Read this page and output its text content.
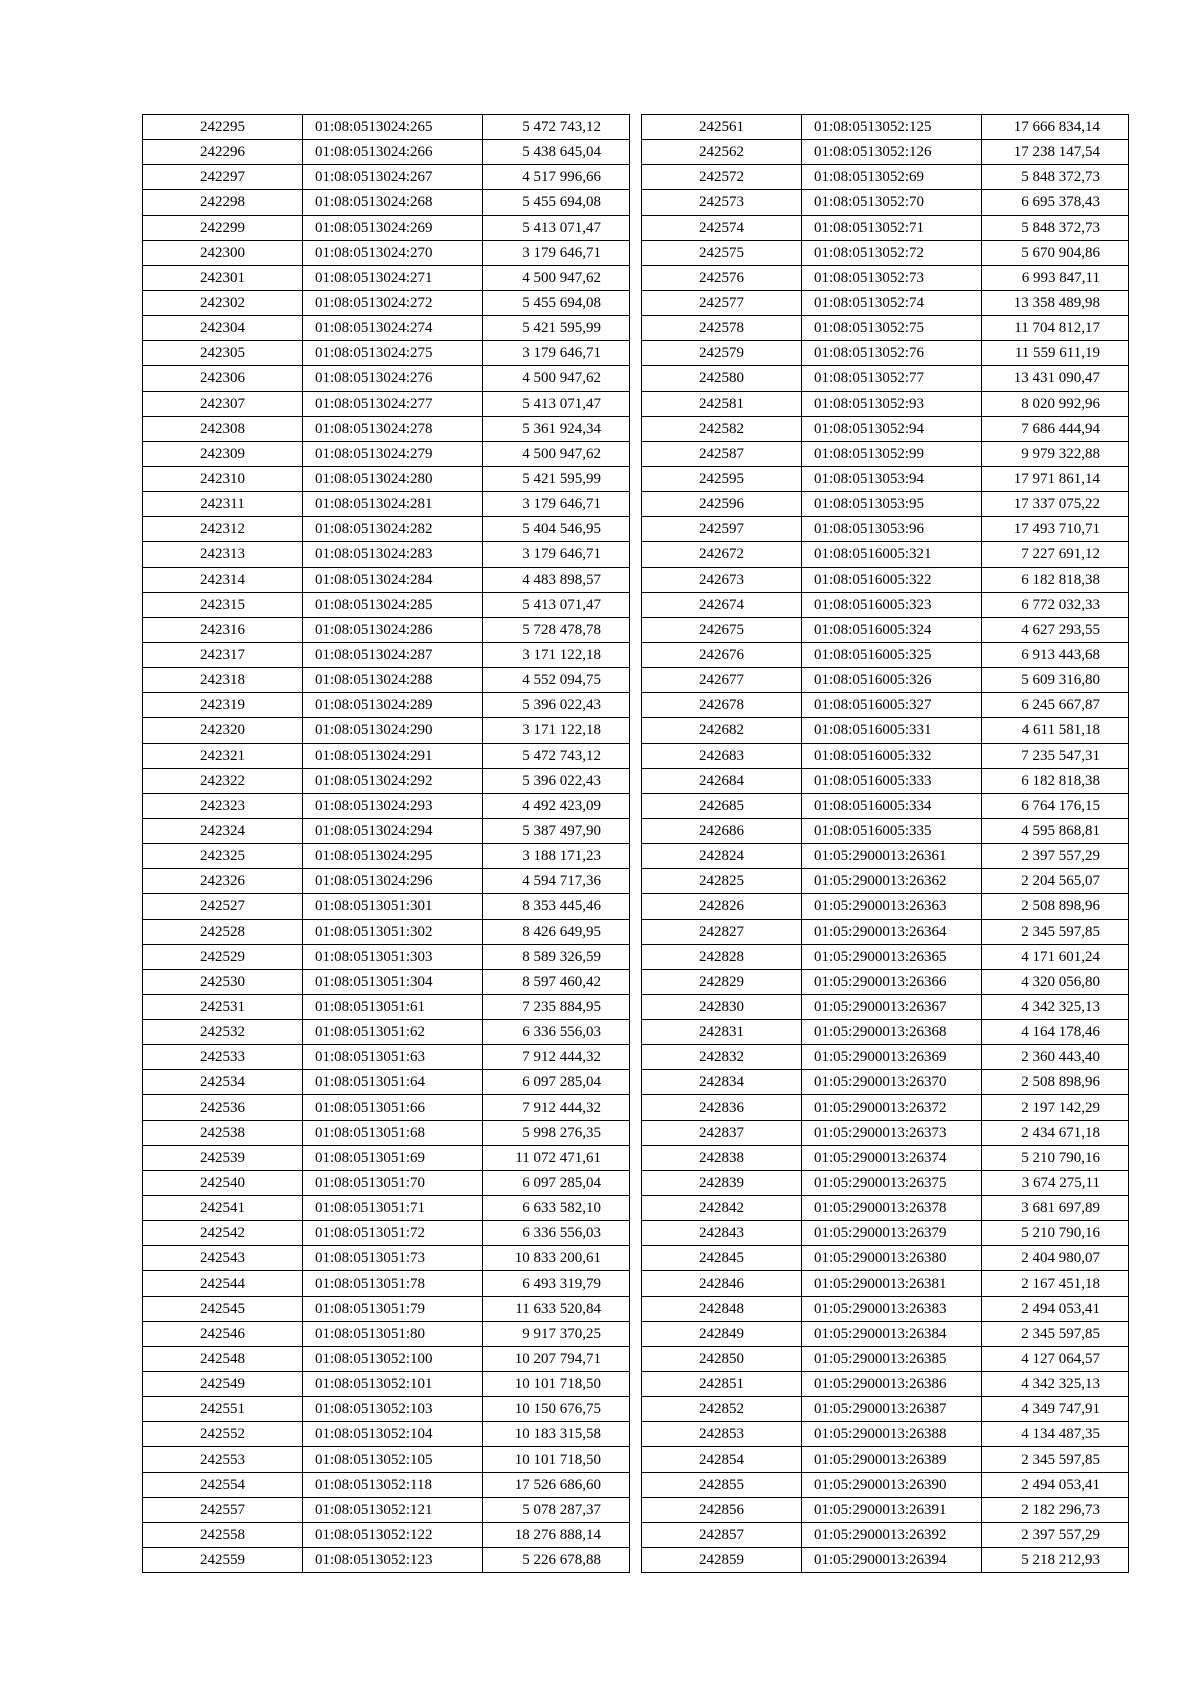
242295	01:08:0513024:265	5 472 743,12
242296	01:08:0513024:266	5 438 645,04
242297	01:08:0513024:267	4 517 996,66
242298	01:08:0513024:268	5 455 694,08
242299	01:08:0513024:269	5 413 071,47
242300	01:08:0513024:270	3 179 646,71
242301	01:08:0513024:271	4 500 947,62
242302	01:08:0513024:272	5 455 694,08
242304	01:08:0513024:274	5 421 595,99
242305	01:08:0513024:275	3 179 646,71
242306	01:08:0513024:276	4 500 947,62
242307	01:08:0513024:277	5 413 071,47
242308	01:08:0513024:278	5 361 924,34
242309	01:08:0513024:279	4 500 947,62
242310	01:08:0513024:280	5 421 595,99
242311	01:08:0513024:281	3 179 646,71
242312	01:08:0513024:282	5 404 546,95
242313	01:08:0513024:283	3 179 646,71
242314	01:08:0513024:284	4 483 898,57
242315	01:08:0513024:285	5 413 071,47
242316	01:08:0513024:286	5 728 478,78
242317	01:08:0513024:287	3 171 122,18
242318	01:08:0513024:288	4 552 094,75
242319	01:08:0513024:289	5 396 022,43
242320	01:08:0513024:290	3 171 122,18
242321	01:08:0513024:291	5 472 743,12
242322	01:08:0513024:292	5 396 022,43
242323	01:08:0513024:293	4 492 423,09
242324	01:08:0513024:294	5 387 497,90
242325	01:08:0513024:295	3 188 171,23
242326	01:08:0513024:296	4 594 717,36
242527	01:08:0513051:301	8 353 445,46
242528	01:08:0513051:302	8 426 649,95
242529	01:08:0513051:303	8 589 326,59
242530	01:08:0513051:304	8 597 460,42
242531	01:08:0513051:61	7 235 884,95
242532	01:08:0513051:62	6 336 556,03
242533	01:08:0513051:63	7 912 444,32
242534	01:08:0513051:64	6 097 285,04
242536	01:08:0513051:66	7 912 444,32
242538	01:08:0513051:68	5 998 276,35
242539	01:08:0513051:69	11 072 471,61
242540	01:08:0513051:70	6 097 285,04
242541	01:08:0513051:71	6 633 582,10
242542	01:08:0513051:72	6 336 556,03
242543	01:08:0513051:73	10 833 200,61
242544	01:08:0513051:78	6 493 319,79
242545	01:08:0513051:79	11 633 520,84
242546	01:08:0513051:80	9 917 370,25
242548	01:08:0513052:100	10 207 794,71
242549	01:08:0513052:101	10 101 718,50
242551	01:08:0513052:103	10 150 676,75
242552	01:08:0513052:104	10 183 315,58
242553	01:08:0513052:105	10 101 718,50
242554	01:08:0513052:118	17 526 686,60
242557	01:08:0513052:121	5 078 287,37
242558	01:08:0513052:122	18 276 888,14
242559	01:08:0513052:123	5 226 678,88
242561	01:08:0513052:125	17 666 834,14
242562	01:08:0513052:126	17 238 147,54
242572	01:08:0513052:69	5 848 372,73
242573	01:08:0513052:70	6 695 378,43
242574	01:08:0513052:71	5 848 372,73
242575	01:08:0513052:72	5 670 904,86
242576	01:08:0513052:73	6 993 847,11
242577	01:08:0513052:74	13 358 489,98
242578	01:08:0513052:75	11 704 812,17
242579	01:08:0513052:76	11 559 611,19
242580	01:08:0513052:77	13 431 090,47
242581	01:08:0513052:93	8 020 992,96
242582	01:08:0513052:94	7 686 444,94
242587	01:08:0513052:99	9 979 322,88
242595	01:08:0513053:94	17 971 861,14
242596	01:08:0513053:95	17 337 075,22
242597	01:08:0513053:96	17 493 710,71
242672	01:08:0516005:321	7 227 691,12
242673	01:08:0516005:322	6 182 818,38
242674	01:08:0516005:323	6 772 032,33
242675	01:08:0516005:324	4 627 293,55
242676	01:08:0516005:325	6 913 443,68
242677	01:08:0516005:326	5 609 316,80
242678	01:08:0516005:327	6 245 667,87
242682	01:08:0516005:331	4 611 581,18
242683	01:08:0516005:332	7 235 547,31
242684	01:08:0516005:333	6 182 818,38
242685	01:08:0516005:334	6 764 176,15
242686	01:08:0516005:335	4 595 868,81
242824	01:05:2900013:26361	2 397 557,29
242825	01:05:2900013:26362	2 204 565,07
242826	01:05:2900013:26363	2 508 898,96
242827	01:05:2900013:26364	2 345 597,85
242828	01:05:2900013:26365	4 171 601,24
242829	01:05:2900013:26366	4 320 056,80
242830	01:05:2900013:26367	4 342 325,13
242831	01:05:2900013:26368	4 164 178,46
242832	01:05:2900013:26369	2 360 443,40
242834	01:05:2900013:26370	2 508 898,96
242836	01:05:2900013:26372	2 197 142,29
242837	01:05:2900013:26373	2 434 671,18
242838	01:05:2900013:26374	5 210 790,16
242839	01:05:2900013:26375	3 674 275,11
242842	01:05:2900013:26378	3 681 697,89
242843	01:05:2900013:26379	5 210 790,16
242845	01:05:2900013:26380	2 404 980,07
242846	01:05:2900013:26381	2 167 451,18
242848	01:05:2900013:26383	2 494 053,41
242849	01:05:2900013:26384	2 345 597,85
242850	01:05:2900013:26385	4 127 064,57
242851	01:05:2900013:26386	4 342 325,13
242852	01:05:2900013:26387	4 349 747,91
242853	01:05:2900013:26388	4 134 487,35
242854	01:05:2900013:26389	2 345 597,85
242855	01:05:2900013:26390	2 494 053,41
242856	01:05:2900013:26391	2 182 296,73
242857	01:05:2900013:26392	2 397 557,29
242859	01:05:2900013:26394	5 218 212,93
